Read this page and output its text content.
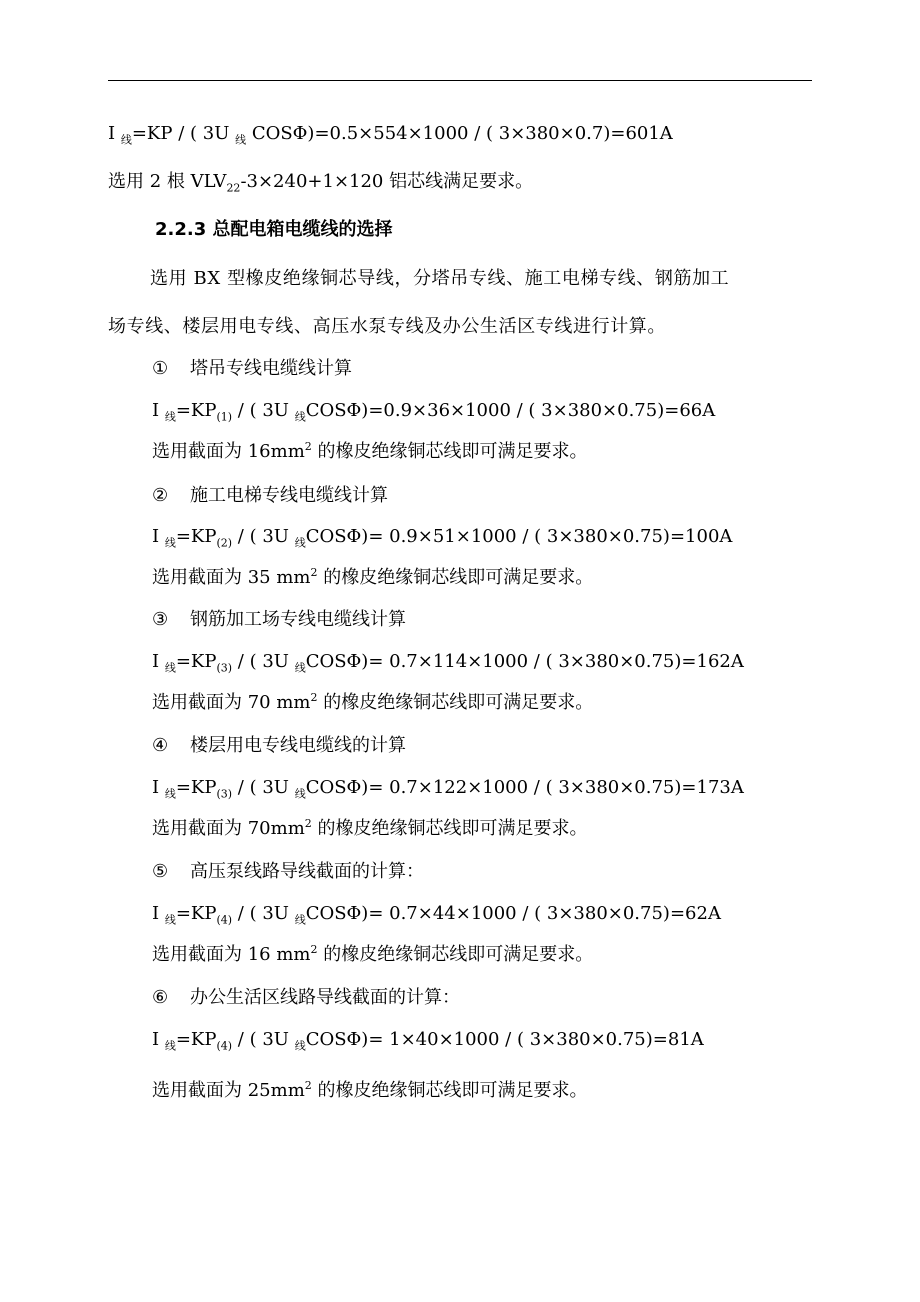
I $_线$=KP / ( 3U $_线$ COSΦ)=0.5×554×1000 / ( 3×380×0.7)=601A
选用 2 根 $VLV_{22}-3\times 240+1\times 120$ 铝芯线满足要求。
2.2.3 总配电箱电缆线的选择
选用 BX 型橡皮绝缘铜芯导线，分塔吊专线、施工电梯专线、钢筋加工
场专线、楼层用电专线、高压水泵专线及办公生活区专线进行计算。
① 塔吊专线电缆线计算
I $_线=KP_{(1)}$ / ( 3U $_线$COSΦ)=0.9×36×1000 / ( 3×380×0.75)=66A
选用截面为 $16mm^2$ 的橡皮绝缘铜芯线即可满足要求。
② 施工电梯专线电缆线计算
I $_线=KP_{(2)}$ / ( 3U $_线$COSΦ)= 0.9×51×1000 / ( 3×380×0.75)=100A
选用截面为 35 $mm^2$ 的橡皮绝缘铜芯线即可满足要求。
③ 钢筋加工场专线电缆线计算
I $_线=KP_{(3)}$ / ( 3U $_线$COSΦ)= 0.7×114×1000 / ( 3×380×0.75)=162A
选用截面为 70 $mm^2$ 的橡皮绝缘铜芯线即可满足要求。
④ 楼层用电专线电缆线的计算
I $_线=KP_{(3)}$ / ( 3U $_线$COSΦ)= 0.7×122×1000 / ( 3×380×0.75)=173A
选用截面为 $70mm^2$ 的橡皮绝缘铜芯线即可满足要求。
⑤ 高压泵线路导线截面的计算：
I $_线=KP_{(4)}$ / ( 3U $_线$COSΦ)= 0.7×44×1000 / ( 3×380×0.75)=62A
选用截面为 16 $mm^2$ 的橡皮绝缘铜芯线即可满足要求。
⑥ 办公生活区线路导线截面的计算：
I $_线=KP_{(4)}$ / ( 3U $_线$COSΦ)= 1×40×1000 / ( 3×380×0.75)=81A
选用截面为 $25mm^2$ 的橡皮绝缘铜芯线即可满足要求。
